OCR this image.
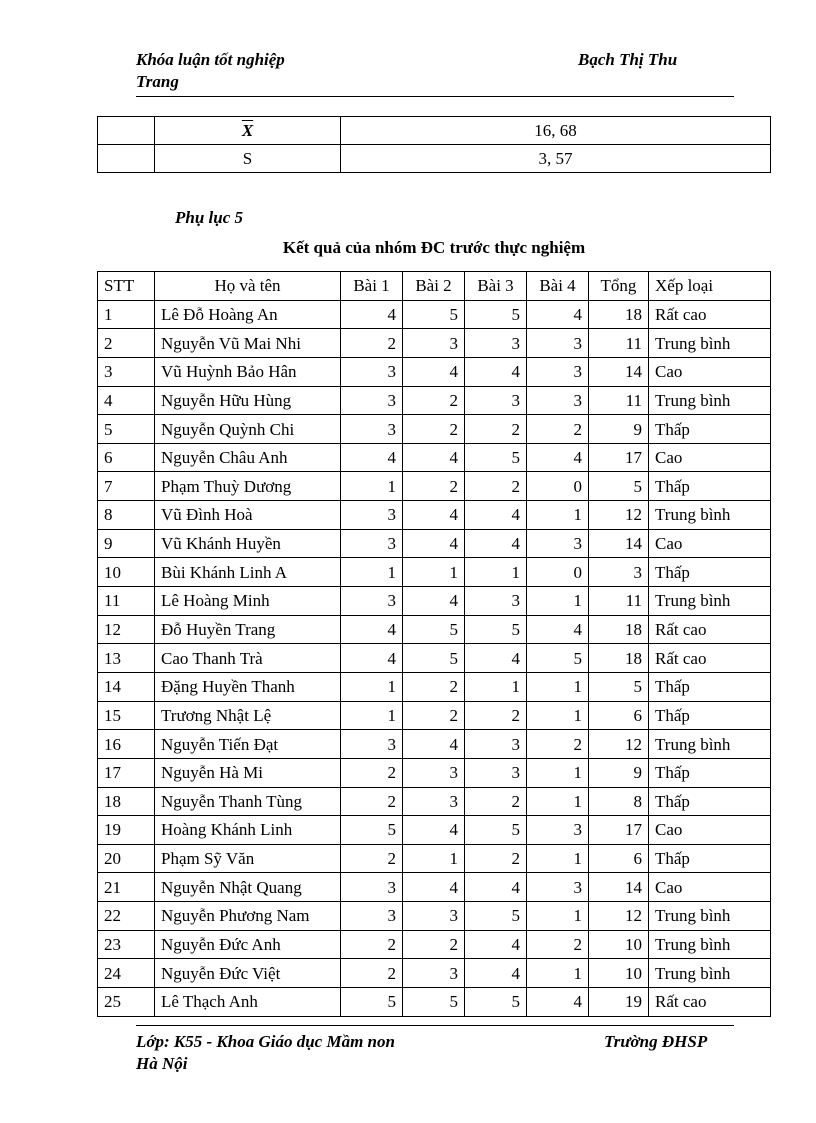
Khóa luận tốt nghiệp
Trang
Bạch Thị Thu
	$\overline{X}$	16, 68
	S	3, 57
Phụ lục 5
Kết quả của nhóm ĐC trước thực nghiệm
STT	Họ và tên	Bài 1	Bài 2	Bài 3	Bài 4	Tổng	Xếp loại
1	Lê Đỗ Hoàng An	4	5	5	4	18	Rất cao
2	Nguyễn Vũ Mai Nhi	2	3	3	3	11	Trung bình
3	Vũ Huỳnh Bảo Hân	3	4	4	3	14	Cao
4	Nguyễn Hữu Hùng	3	2	3	3	11	Trung bình
5	Nguyễn Quỳnh Chi	3	2	2	2	9	Thấp
6	Nguyễn Châu Anh	4	4	5	4	17	Cao
7	Phạm Thuỳ Dương	1	2	2	0	5	Thấp
8	Vũ Đình Hoà	3	4	4	1	12	Trung bình
9	Vũ Khánh Huyền	3	4	4	3	14	Cao
10	Bùi Khánh Linh A	1	1	1	0	3	Thấp
11	Lê Hoàng Minh	3	4	3	1	11	Trung bình
12	Đỗ Huyền Trang	4	5	5	4	18	Rất cao
13	Cao Thanh Trà	4	5	4	5	18	Rất cao
14	Đặng Huyền Thanh	1	2	1	1	5	Thấp
15	Trương Nhật Lệ	1	2	2	1	6	Thấp
16	Nguyễn Tiến Đạt	3	4	3	2	12	Trung bình
17	Nguyễn Hà Mi	2	3	3	1	9	Thấp
18	Nguyễn Thanh Tùng	2	3	2	1	8	Thấp
19	Hoàng Khánh Linh	5	4	5	3	17	Cao
20	Phạm Sỹ Văn	2	1	2	1	6	Thấp
21	Nguyễn Nhật Quang	3	4	4	3	14	Cao
22	Nguyễn Phương Nam	3	3	5	1	12	Trung bình
23	Nguyễn Đức Anh	2	2	4	2	10	Trung bình
24	Nguyễn Đức Việt	2	3	4	1	10	Trung bình
25	Lê Thạch Anh	5	5	5	4	19	Rất cao
Lớp: K55 - Khoa Giáo dục Mầm non
Hà Nội
Trường ĐHSP
